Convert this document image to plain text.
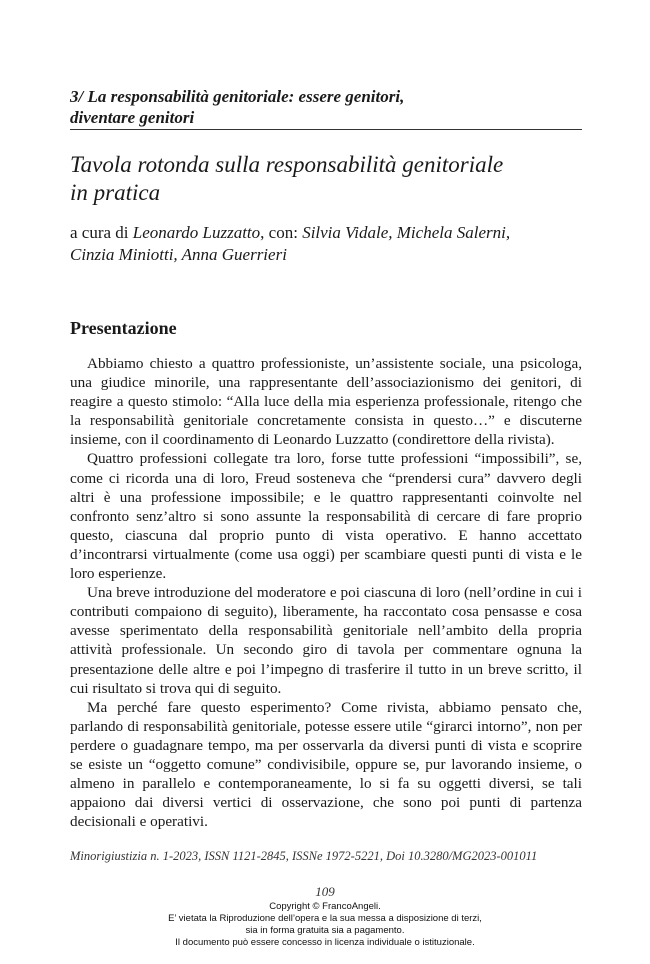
3/ La responsabilità genitoriale: essere genitori,
diventare genitori
Tavola rotonda sulla responsabilità genitoriale
in pratica
a cura di Leonardo Luzzatto, con: Silvia Vidale, Michela Salerni,
Cinzia Miniotti, Anna Guerrieri
Presentazione

Abbiamo chiesto a quattro professioniste, un’assistente sociale, una psicologa, una giudice minorile, una rappresentante dell’associazionismo dei genitori, di reagire a questo stimolo: “Alla luce della mia esperienza professionale, ritengo che la responsabilità genitoriale concretamente consista in questo…” e discuterne insieme, con il coordinamento di Leonardo Luzzatto (condirettore della rivista).

Quattro professioni collegate tra loro, forse tutte professioni “impossibili”, se, come ci ricorda una di loro, Freud sosteneva che “prendersi cura” davvero degli altri è una professione impossibile; e le quattro rappresentanti coinvolte nel confronto senz’altro si sono assunte la responsabilità di cercare di fare proprio questo, ciascuna dal proprio punto di vista operativo. E hanno accettato d’incontrarsi virtualmente (come usa oggi) per scambiare questi punti di vista e le loro esperienze.

Una breve introduzione del moderatore e poi ciascuna di loro (nell’ordine in cui i contributi compaiono di seguito), liberamente, ha raccontato cosa pensasse e cosa avesse sperimentato della responsabilità genitoriale nell’ambito della propria attività professionale. Un secondo giro di tavola per commentare ognuna la presentazione delle altre e poi l’impegno di trasferire il tutto in un breve scritto, il cui risultato si trova qui di seguito.

Ma perché fare questo esperimento? Come rivista, abbiamo pensato che, parlando di responsabilità genitoriale, potesse essere utile “girarci intorno”, non per perdere o guadagnare tempo, ma per osservarla da diversi punti di vista e scoprire se esiste un “oggetto comune” condivisibile, oppure se, pur lavorando insieme, o almeno in parallelo e contemporaneamente, lo si fa su oggetti diversi, se tali appaiono dai diversi vertici di osservazione, che sono poi punti di partenza decisionali e operativi.

Minorigiustizia n. 1-2023, ISSN 1121-2845, ISSNe 1972-5221, Doi 10.3280/MG2023-001011
109
Copyright © FrancoAngeli.
E’ vietata la Riproduzione dell’opera e la sua messa a disposizione di terzi,
sia in forma gratuita sia a pagamento.
Il documento può essere concesso in licenza individuale o istituzionale.
